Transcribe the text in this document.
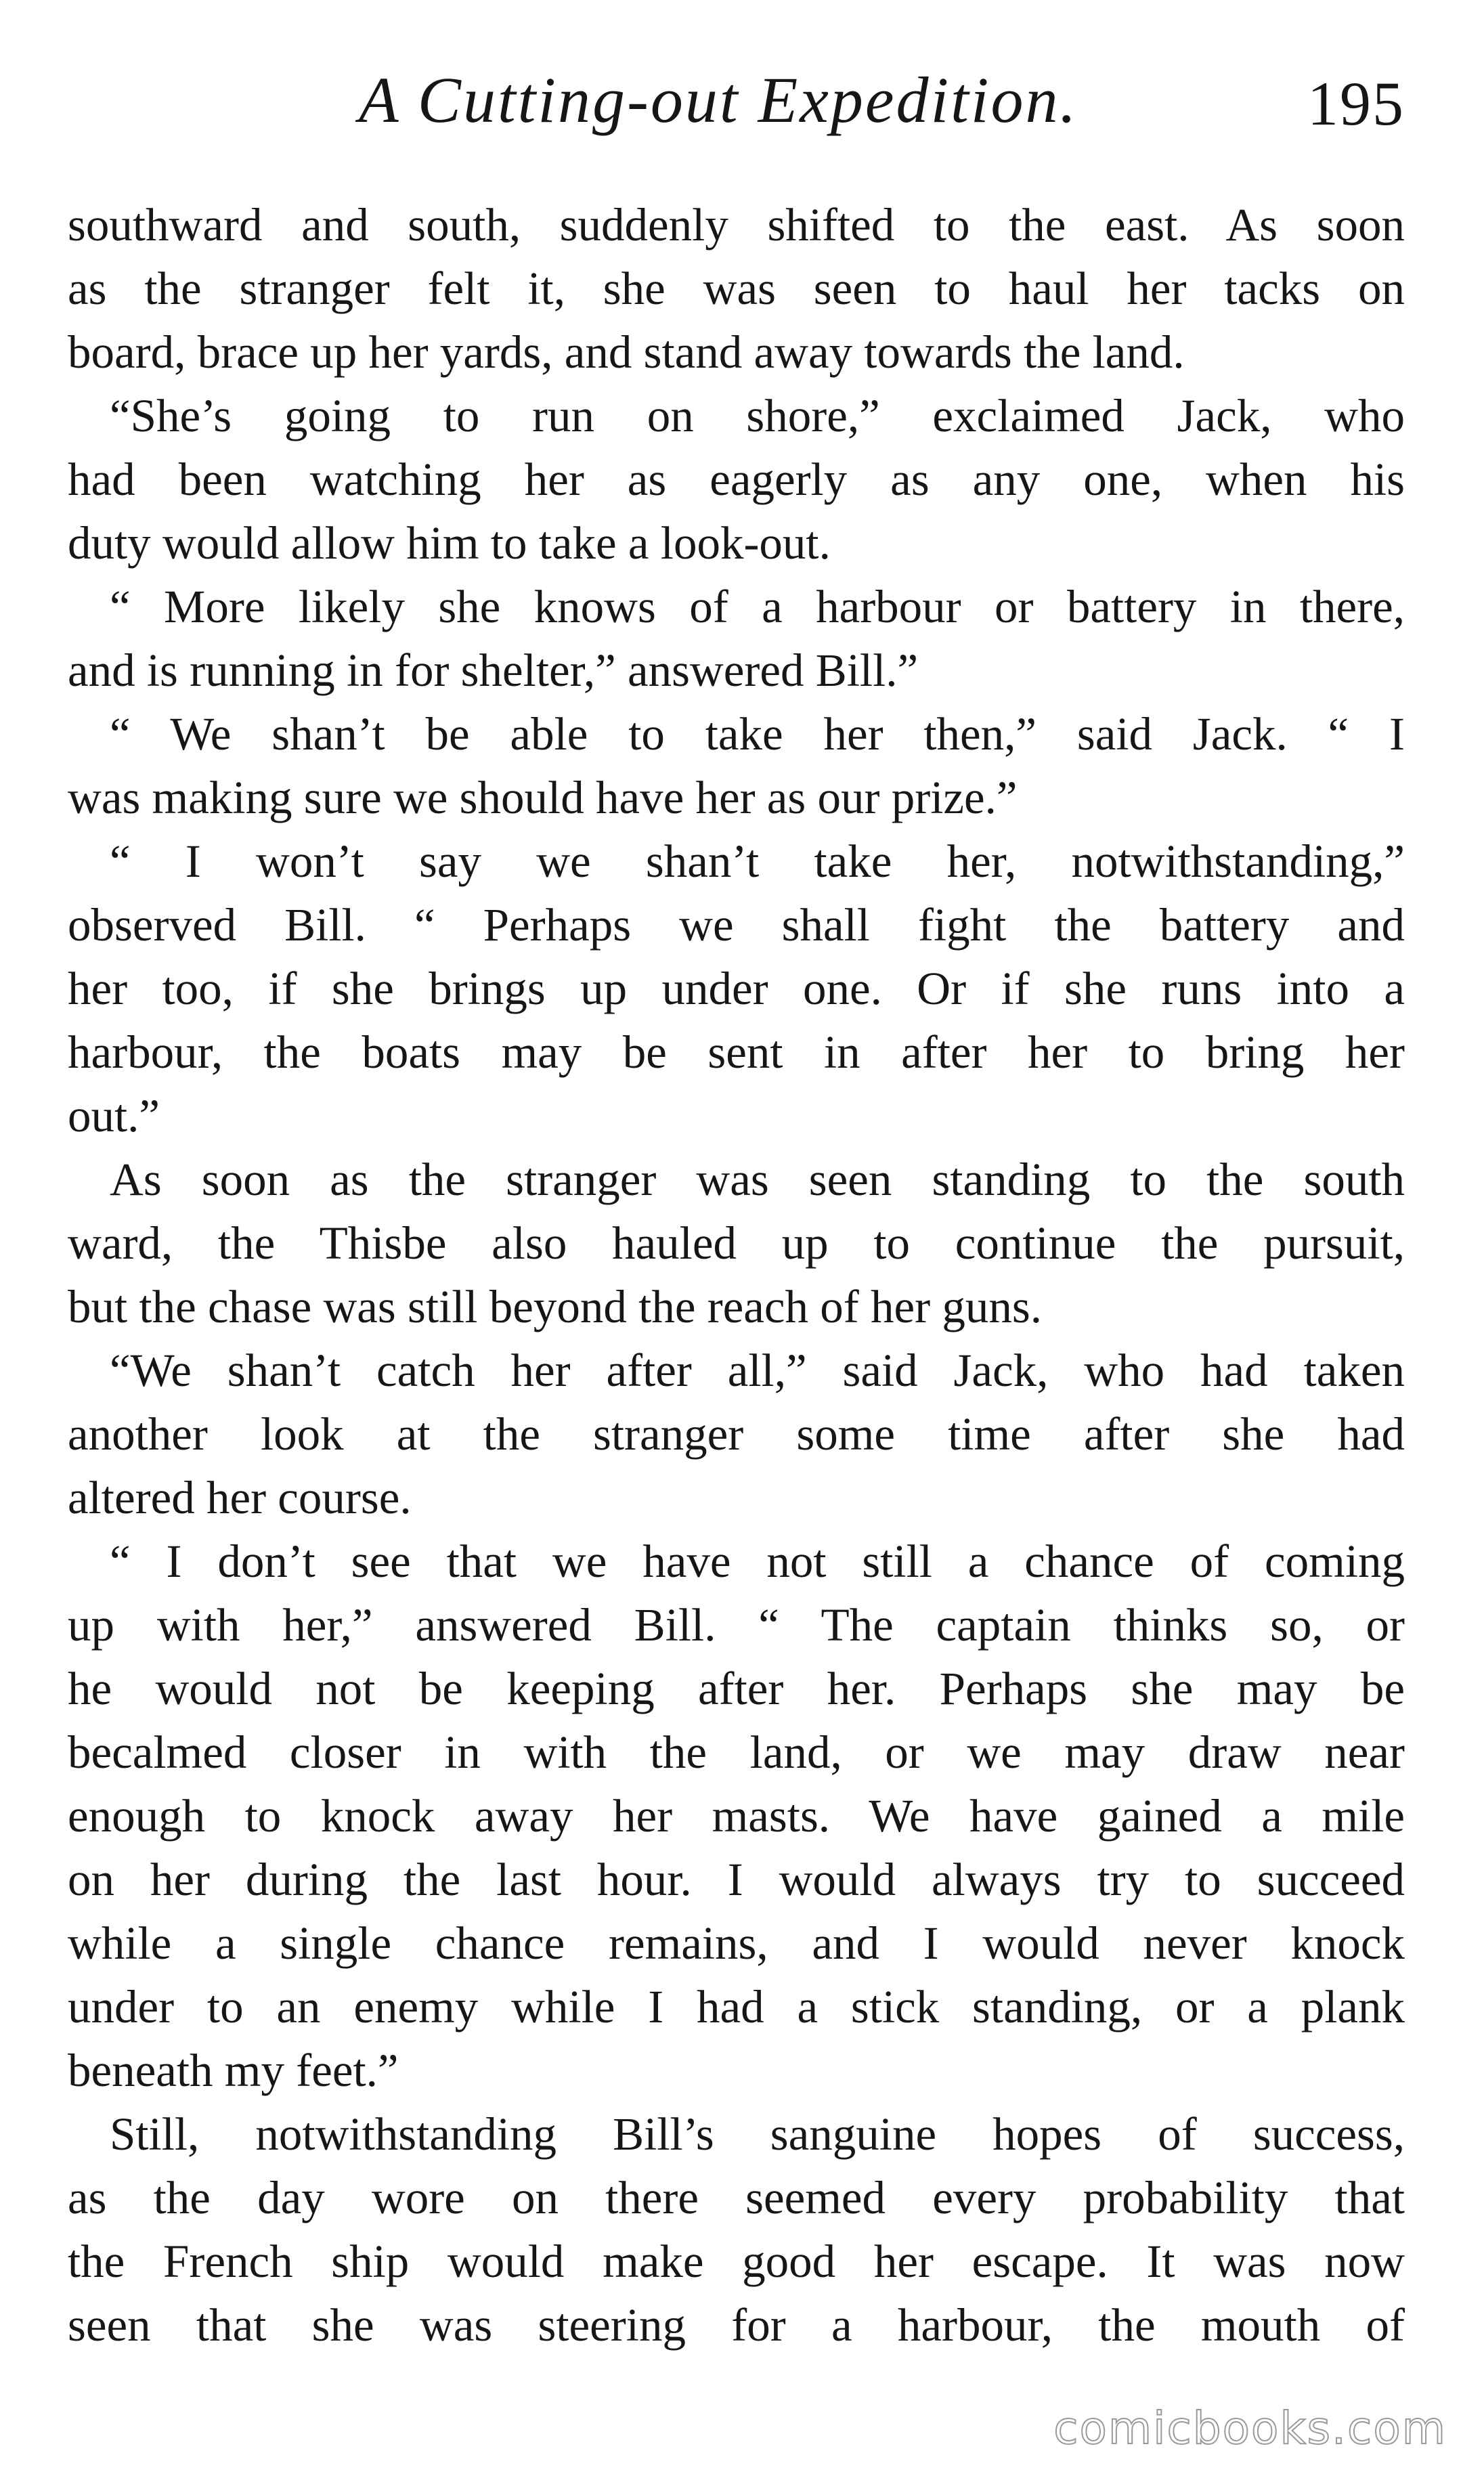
A Cutting-out Expedition.	195
southward and south, suddenly shifted to the east. As soon
as the stranger felt it, she was seen to haul her tacks on
board, brace up her yards, and stand away towards the land.
“She’s going to run on shore,” exclaimed Jack, who
had been watching her as eagerly as any one, when his
duty would allow him to take a look-out.
“ More likely she knows of a harbour or battery in there,
and is running in for shelter,” answered Bill.”
“ We shan’t be able to take her then,” said Jack. “ I
was making sure we should have her as our prize.”
“ I won’t say we shan’t take her, notwithstanding,”
observed Bill. “ Perhaps we shall fight the battery and
her too, if she brings up under one. Or if she runs into a
harbour, the boats may be sent in after her to bring her
out.”
As soon as the stranger was seen standing to the south
ward, the Thisbe also hauled up to continue the pursuit,
but the chase was still beyond the reach of her guns.
“We shan’t catch her after all,” said Jack, who had taken
another look at the stranger some time after she had
altered her course.
“ I don’t see that we have not still a chance of coming
up with her,” answered Bill. “ The captain thinks so, or
he would not be keeping after her. Perhaps she may be
becalmed closer in with the land, or we may draw near
enough to knock away her masts. We have gained a mile
on her during the last hour. I would always try to succeed
while a single chance remains, and I would never knock
under to an enemy while I had a stick standing, or a plank
beneath my feet.”
Still, notwithstanding Bill’s sanguine hopes of success,
as the day wore on there seemed every probability that
the French ship would make good her escape. It was now
seen that she was steering for a harbour, the mouth of
comicbooks.com
